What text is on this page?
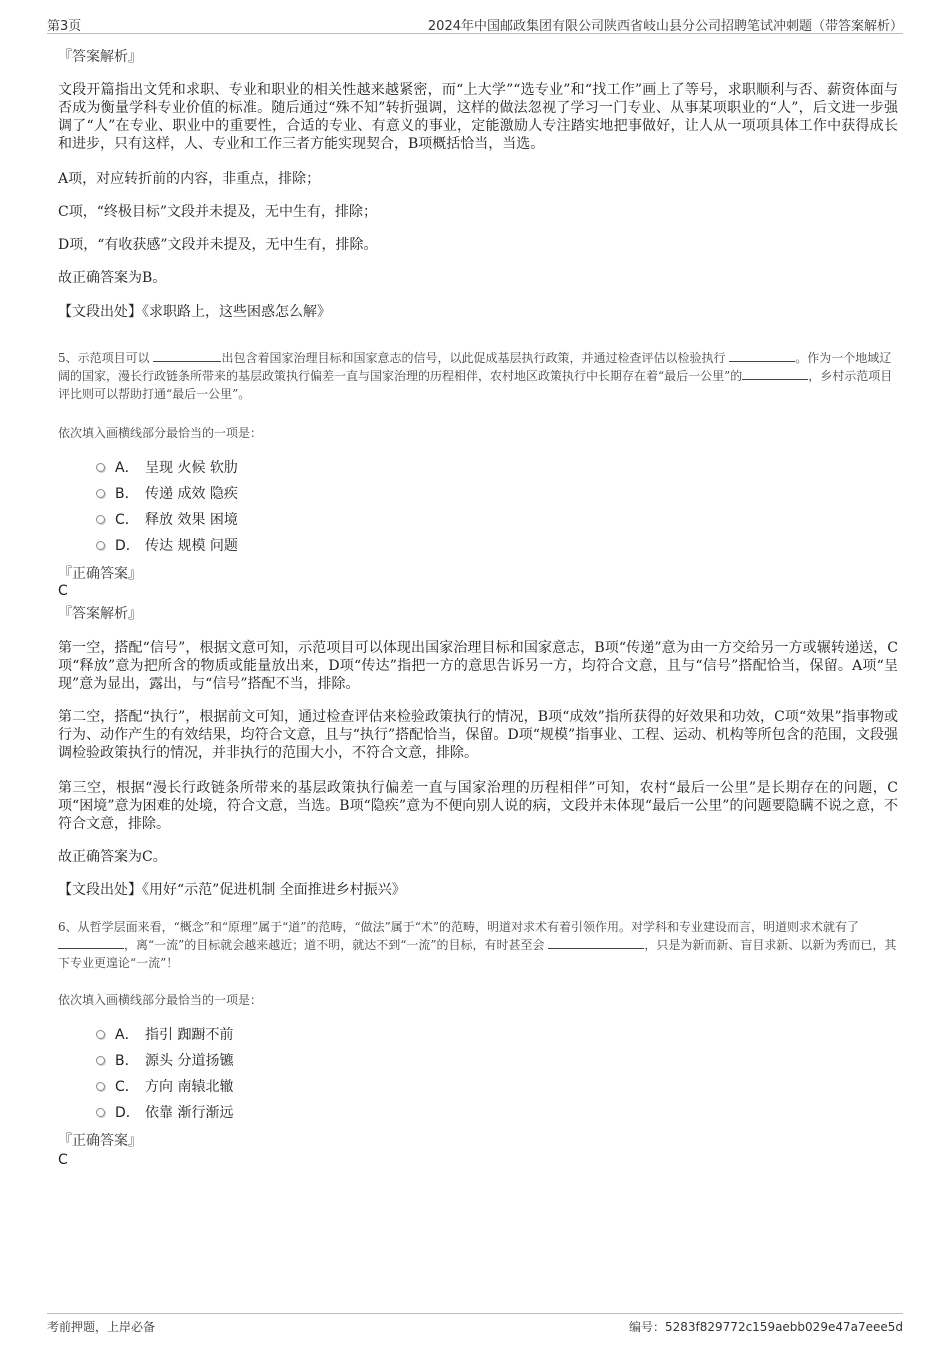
第3页	2024年中国邮政集团有限公司陕西省岐山县分公司招聘笔试冲刺题（带答案解析）
『答案解析』
文段开篇指出文凭和求职、专业和职业的相关性越来越紧密，而“上大学”“选专业”和“找工作”画上了等号，求职顺利与否、薪资体面与否成为衡量学科专业价值的标准。随后通过“殊不知”转折强调，这样的做法忽视了学习一门专业、从事某项职业的“人”，后文进一步强调了“人”在专业、职业中的重要性，合适的专业、有意义的事业，定能激励人专注踏实地把事做好，让人从一项项具体工作中获得成长和进步，只有这样，人、专业和工作三者方能实现契合，B项概括恰当，当选。
A项，对应转折前的内容，非重点，排除；
C项，“终极目标”文段并未提及，无中生有，排除；
D项，“有收获感”文段并未提及，无中生有，排除。
故正确答案为B。
【文段出处】《求职路上，这些困惑怎么解》
5、示范项目可以	出包含着国家治理目标和国家意志的信号，以此促成基层执行政策，并通过检查评估以检验执行	。作为一个地域辽阔的国家，漫长行政链条所带来的基层政策执行偏差一直与国家治理的历程相伴，农村地区政策执行中长期存在着“最后一公里”的	，乡村示范项目评比则可以帮助打通“最后一公里”。
依次填入画横线部分最恰当的一项是：
A． 呈现 火候 软肋
B． 传递 成效 隐疾
C． 释放 效果 困境
D． 传达 规模 问题
『正确答案』
C
『答案解析』
第一空，搭配“信号”，根据文意可知，示范项目可以体现出国家治理目标和国家意志，B项“传递”意为由一方交给另一方或辗转递送，C项“释放”意为把所含的物质或能量放出来，D项“传达”指把一方的意思告诉另一方，均符合文意，且与“信号”搭配恰当，保留。A项“呈现”意为显出，露出，与“信号”搭配不当，排除。
第二空，搭配“执行”，根据前文可知，通过检查评估来检验政策执行的情况，B项“成效”指所获得的好效果和功效，C项“效果”指事物或行为、动作产生的有效结果，均符合文意，且与“执行”搭配恰当，保留。D项“规模”指事业、工程、运动、机构等所包含的范围，文段强调检验政策执行的情况，并非执行的范围大小，不符合文意，排除。
第三空，根据“漫长行政链条所带来的基层政策执行偏差一直与国家治理的历程相伴”可知，农村“最后一公里”是长期存在的问题，C项“困境”意为困难的处境，符合文意，当选。B项“隐疾”意为不便向别人说的病，文段并未体现“最后一公里”的问题要隐瞒不说之意，不符合文意，排除。
故正确答案为C。
【文段出处】《用好“示范”促进机制 全面推进乡村振兴》
6、从哲学层面来看，“概念”和“原理”属于“道”的范畴，“做法”属于“术”的范畴，明道对求术有着引领作用。对学科和专业建设而言，明道则求术就有了 ，离“一流”的目标就会越来越近；道不明，就达不到“一流”的目标，有时甚至会	，只是为新而新、盲目求新、以新为秀而已，其下专业更遑论“一流”！
依次填入画横线部分最恰当的一项是：
A． 指引 踟蹰不前
B． 源头 分道扬镳
C． 方向 南辕北辙
D． 依靠 渐行渐远
『正确答案』
C
考前押题，上岸必备	编号：5283f829772c159aebb029e47a7eee5d
